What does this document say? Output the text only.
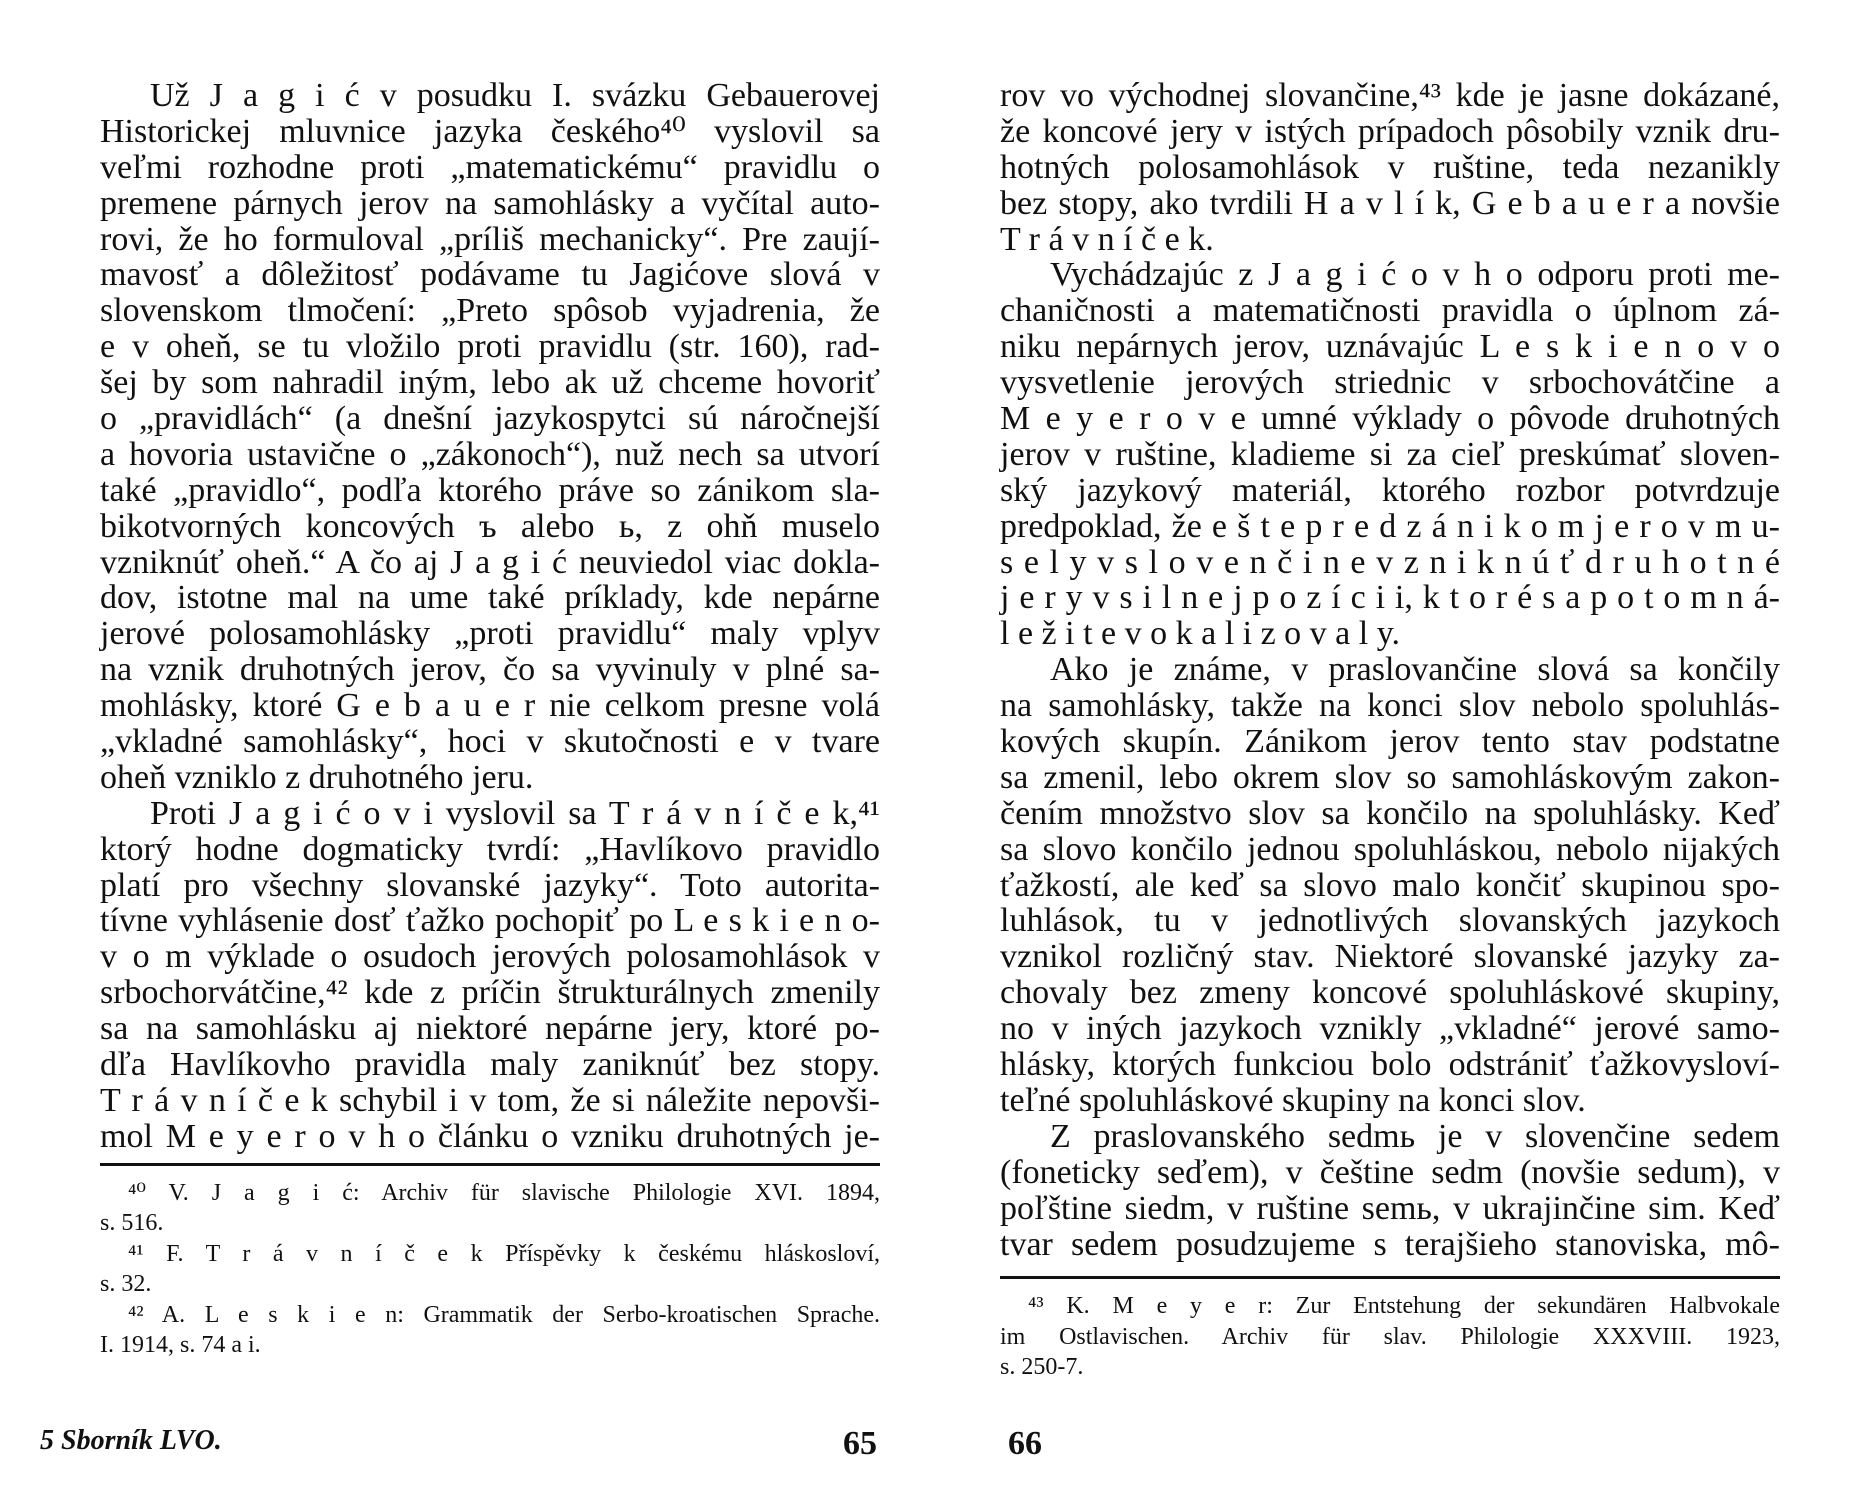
Už J a g i ć v posudku I. svázku Gebauerovej
Historickej mluvnice jazyka českého⁴⁰ vyslovil sa
veľmi rozhodne proti „matematickému“ pravidlu o
premene párnych jerov na samohlásky a vyčítal auto-
rovi, že ho formuloval „príliš mechanicky“. Pre zaují-
mavosť a dôležitosť podávame tu Jagićove slová v
slovenskom tlmočení: „Preto spôsob vyjadrenia, že
e v oheň, se tu vložilo proti pravidlu (str. 160), rad-
šej by som nahradil iným, lebo ak už chceme hovoriť
o „pravidlách“ (a dnešní jazykospytci sú náročnejší
a hovoria ustavične o „zákonoch“), nuž nech sa utvorí
také „pravidlo“, podľa ktorého práve so zánikom sla-
bikotvorných koncových ъ alebo ь, z ohň muselo
vzniknúť oheň.“ A čo aj J a g i ć neuviedol viac dokla-
dov, istotne mal na ume také príklady, kde nepárne
jerové polosamohlásky „proti pravidlu“ maly vplyv
na vznik druhotných jerov, čo sa vyvinuly v plné sa-
mohlásky, ktoré G e b a u e r nie celkom presne volá
„vkladné samohlásky“, hoci v skutočnosti e v tvare
oheň vzniklo z druhotného jeru.
Proti J a g i ć o v i vyslovil sa T r á v n í č e k,⁴¹
ktorý hodne dogmaticky tvrdí: „Havlíkovo pravidlo
platí pro všechny slovanské jazyky“. Toto autorita-
tívne vyhlásenie dosť ťažko pochopiť po L e s k i e n o-
v o m výklade o osudoch jerových polosamohlások v
srbochorvátčine,⁴² kde z príčin štrukturálnych zmenily
sa na samohlásku aj niektoré nepárne jery, ktoré po-
dľa Havlíkovho pravidla maly zaniknúť bez stopy.
T r á v n í č e k schybil i v tom, že si náležite nepovši-
mol M e y e r o v h o článku o vzniku druhotných je-
⁴⁰ V. J a g i ć: Archiv für slavische Philologie XVI. 1894,
s. 516.
⁴¹ F. T r á v n í č e k Příspěvky k českému hláskosloví,
s. 32.
⁴² A. L e s k i e n: Grammatik der Serbo-kroatischen Sprache.
I. 1914, s. 74 a i.
rov vo východnej slovančine,⁴³ kde je jasne dokázané,
že koncové jery v istých prípadoch pôsobily vznik dru-
hotných polosamohlások v ruštine, teda nezanikly
bez stopy, ako tvrdili H a v l í k, G e b a u e r a novšie
T r á v n í č e k.
Vychádzajúc z J a g i ć o v h o odporu proti me-
chaničnosti a matematičnosti pravidla o úplnom zá-
niku nepárnych jerov, uznávajúc L e s k i e n o v o
vysvetlenie jerových striednic v srbochovátčine a
M e y e r o v e umné výklady o pôvode druhotných
jerov v ruštine, kladieme si za cieľ preskúmať sloven-
ský jazykový materiál, ktorého rozbor potvrdzuje
predpoklad, že e š t e p r e d z á n i k o m j e r o v m u-
s e l y v s l o v e n č i n e v z n i k n ú ť d r u h o t n é
j e r y v s i l n e j p o z í c i i, k t o r é s a p o t o m n á-
l e ž i t e v o k a l i z o v a l y.
Ako je známe, v praslovančine slová sa končily
na samohlásky, takže na konci slov nebolo spoluhlás-
kových skupín. Zánikom jerov tento stav podstatne
sa zmenil, lebo okrem slov so samohláskovým zakon-
čením množstvo slov sa končilo na spoluhlásky. Keď
sa slovo končilo jednou spoluhláskou, nebolo nijakých
ťažkostí, ale keď sa slovo malo končiť skupinou spo-
luhlások, tu v jednotlivých slovanských jazykoch
vznikol rozličný stav. Niektoré slovanské jazyky za-
chovaly bez zmeny koncové spoluhláskové skupiny,
no v iných jazykoch vznikly „vkladné“ jerové samo-
hlásky, ktorých funkciou bolo odstrániť ťažkovysloví-
teľné spoluhláskové skupiny na konci slov.
Z praslovanského sedmь je v slovenčine sedem
(foneticky seďem), v češtine sedm (novšie sedum), v
poľštine siedm, v ruštine semь, v ukrajinčine sim. Keď
tvar sedem posudzujeme s terajšieho stanoviska, mô-
⁴³ K. M e y e r: Zur Entstehung der sekundären Halbvokale
im Ostlavischen. Archiv für slav. Philologie XXXVIII. 1923,
s. 250-7.
5 Sborník LVO.	65	66
